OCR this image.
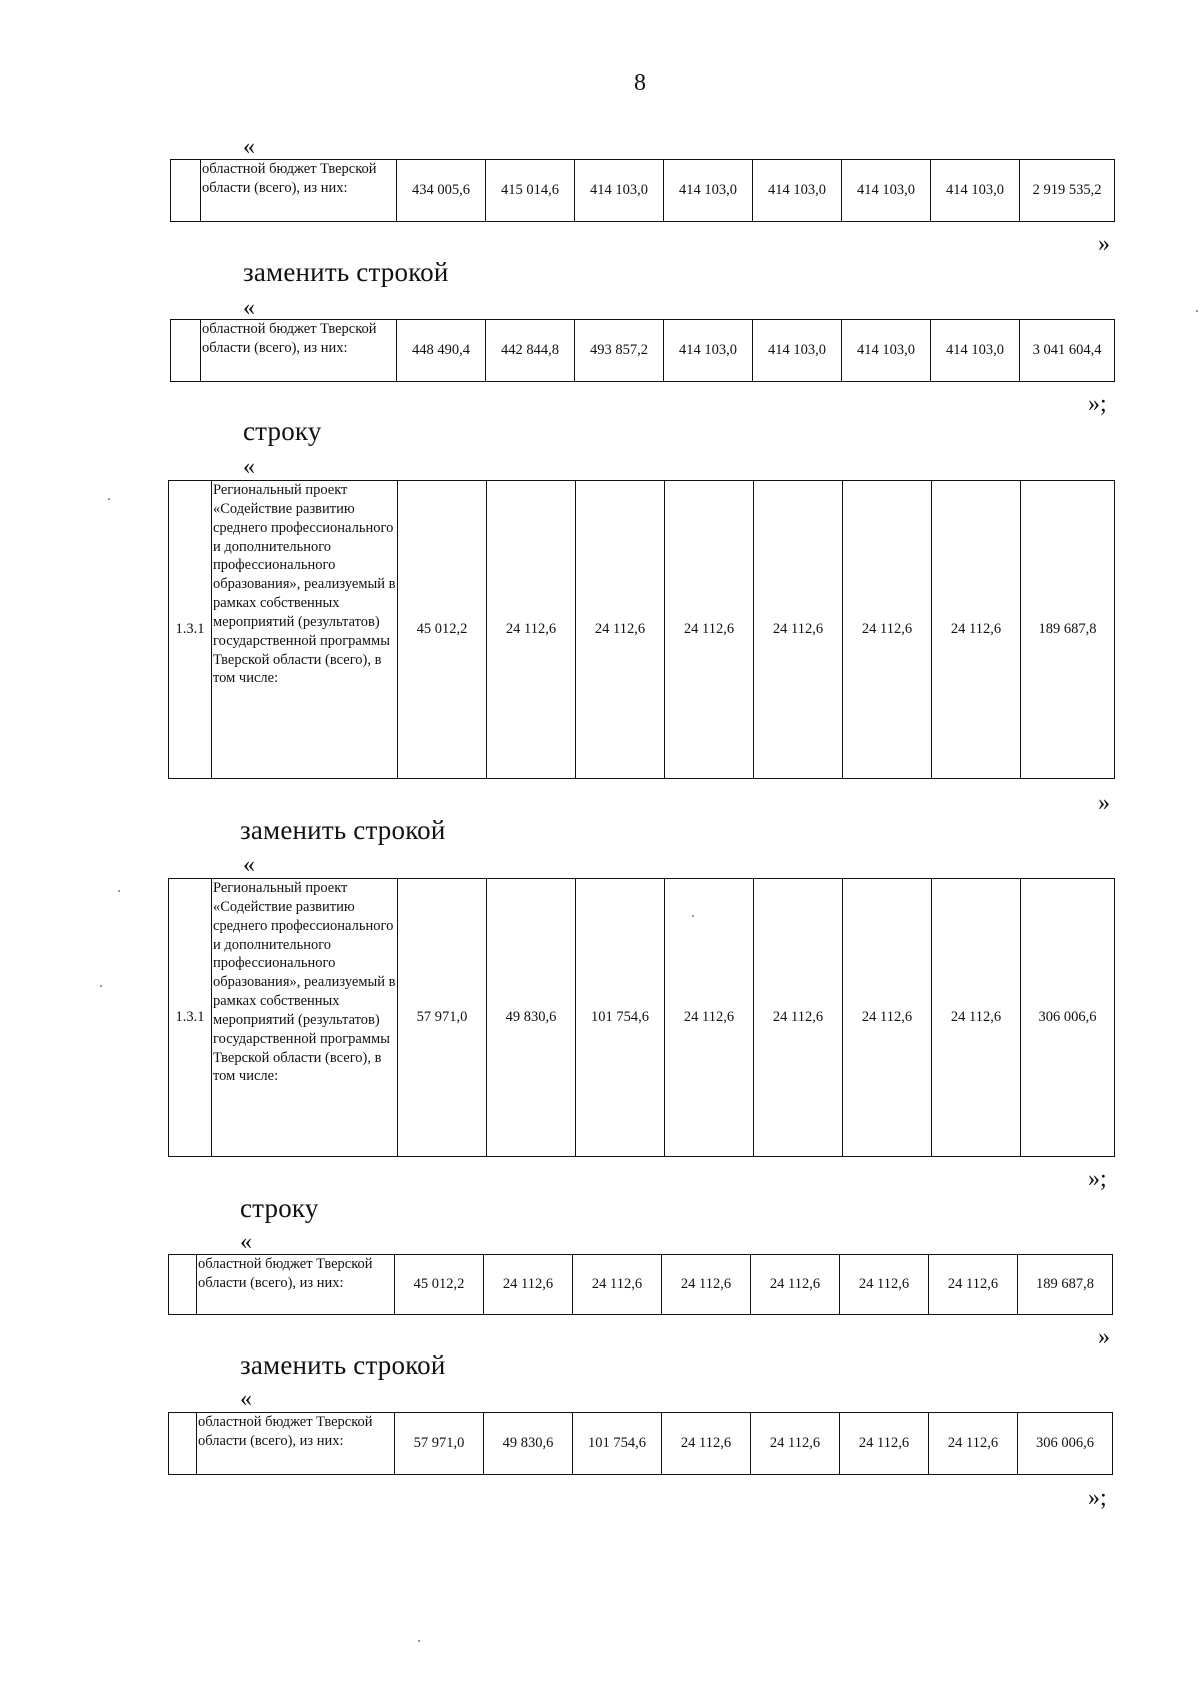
8
«
	областной бюджет Тверской области (всего), из них:	434 005,6	415 014,6	414 103,0	414 103,0	414 103,0	414 103,0	414 103,0	2 919 535,2
»
заменить строкой
«
	областной бюджет Тверской области (всего), из них:	448 490,4	442 844,8	493 857,2	414 103,0	414 103,0	414 103,0	414 103,0	3 041 604,4
»;
строку
«
1.3.1	Региональный проект «Содействие развитию среднего профессионального и дополнительного профессионального образования», реализуемый в рамках собственных мероприятий (результатов) государственной программы Тверской области (всего), в том числе:	45 012,2	24 112,6	24 112,6	24 112,6	24 112,6	24 112,6	24 112,6	189 687,8
»
заменить строкой
«
1.3.1	Региональный проект «Содействие развитию среднего профессионального и дополнительного профессионального образования», реализуемый в рамках собственных мероприятий (результатов) государственной программы Тверской области (всего), в том числе:	57 971,0	49 830,6	101 754,6	24 112,6	24 112,6	24 112,6	24 112,6	306 006,6
»;
строку
«
	областной бюджет Тверской области (всего), из них:	45 012,2	24 112,6	24 112,6	24 112,6	24 112,6	24 112,6	24 112,6	189 687,8
»
заменить строкой
«
	областной бюджет Тверской области (всего), из них:	57 971,0	49 830,6	101 754,6	24 112,6	24 112,6	24 112,6	24 112,6	306 006,6
»;
